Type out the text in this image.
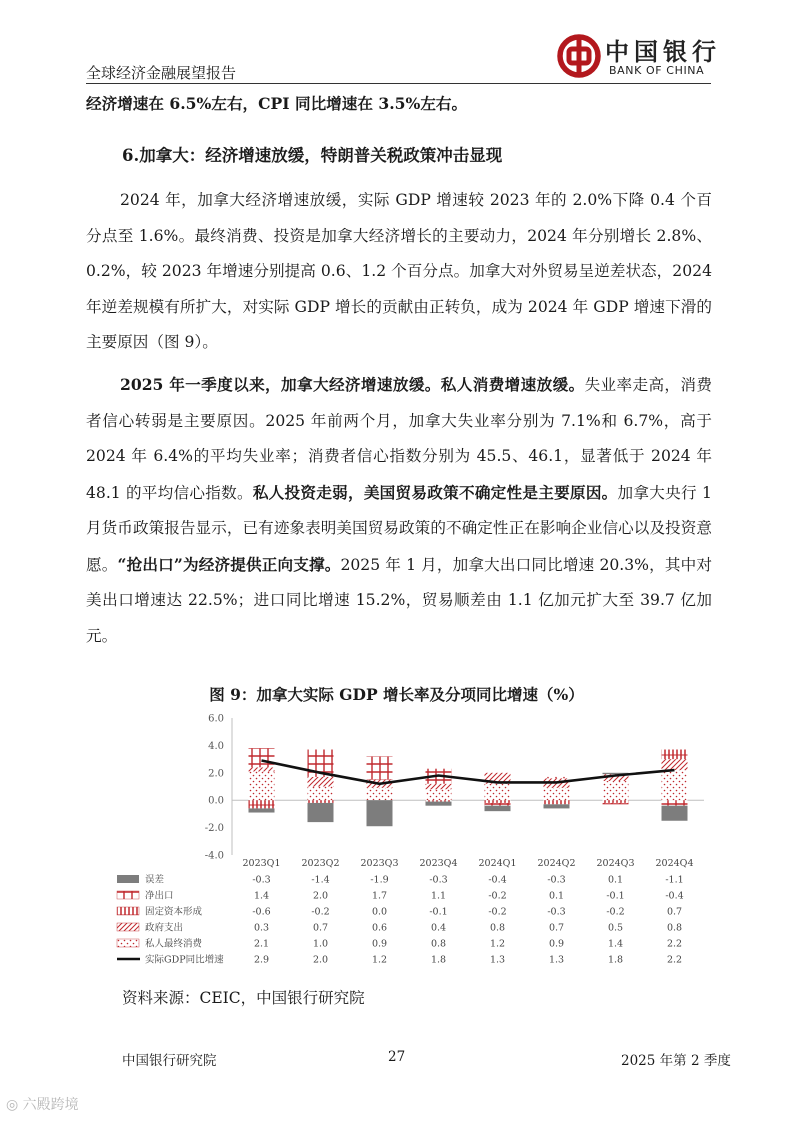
全球经济金融展望报告
中国银行
BANK OF CHINA
经济增速在 6.5%左右，CPI 同比增速在 3.5%左右。
6.加拿大：经济增速放缓，特朗普关税政策冲击显现
2024 年，加拿大经济增速放缓，实际 GDP 增速较 2023 年的 2.0%下降 0.4 个百分点至 1.6%。最终消费、投资是加拿大经济增长的主要动力，2024 年分别增长 2.8%、0.2%，较 2023 年增速分别提高 0.6、1.2 个百分点。加拿大对外贸易呈逆差状态，2024 年逆差规模有所扩大，对实际 GDP 增长的贡献由正转负，成为 2024 年 GDP 增速下滑的主要原因（图 9）。
2025 年一季度以来，加拿大经济增速放缓。私人消费增速放缓。失业率走高，消费者信心转弱是主要原因。2025 年前两个月，加拿大失业率分别为 7.1%和 6.7%，高于 2024 年 6.4%的平均失业率；消费者信心指数分别为 45.5、46.1，显著低于 2024 年 48.1 的平均信心指数。私人投资走弱，美国贸易政策不确定性是主要原因。加拿大央行 1 月货币政策报告显示，已有迹象表明美国贸易政策的不确定性正在影响企业信心以及投资意愿。“抢出口”为经济提供正向支撑。2025 年 1 月，加拿大出口同比增速 20.3%，其中对美出口增速达 22.5%；进口同比增速 15.2%，贸易顺差由 1.1 亿加元扩大至 39.7 亿加元。
图 9：加拿大实际 GDP 增长率及分项同比增速（%）
6.0
4.0
2.0
0.0
-2.0
-4.0
2023Q1 2023Q2 2023Q3 2023Q4 2024Q1 2024Q2 2024Q3 2024Q4
误差	-0.3	-1.4	-1.9	-0.3	-0.4	-0.3	0.1	-1.1
净出口	1.4	2.0	1.7	1.1	-0.2	0.1	-0.1	-0.4
固定资本形成	-0.6	-0.2	0.0	-0.1	-0.2	-0.3	-0.2	0.7
政府支出	0.3	0.7	0.6	0.4	0.8	0.7	0.5	0.8
私人最终消费	2.1	1.0	0.9	0.8	1.2	0.9	1.4	2.2
实际GDP同比增速	2.9	2.0	1.2	1.8	1.3	1.3	1.8	2.2
资料来源：CEIC，中国银行研究院
中国银行研究院	27	2025 年第 2 季度
◎ 六殿跨境
